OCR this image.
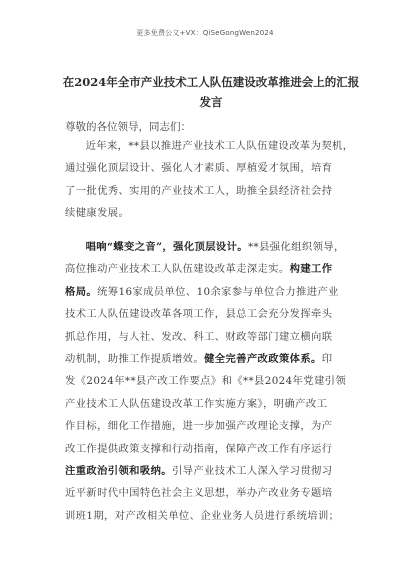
更多免费公文+VX：QiSeGongWen2024
在2024年全市产业技术工人队伍建设改革推进会上的汇报
发言
尊敬的各位领导，同志们：
近年来，**县以推进产业技术工人队伍建设改革为契机，
通过强化顶层设计、强化人才素质、厚植爱才氛围，培育
了一批优秀、实用的产业技术工人，助推全县经济社会持
续健康发展。
唱响“蝶变之音”，强化顶层设计。**县强化组织领导，
高位推动产业技术工人队伍建设改革走深走实。构建工作
格局。统筹16家成员单位、10余家参与单位合力推进产业
技术工人队伍建设改革各项工作，县总工会充分发挥牵头
抓总作用，与人社、发改、科工、财政等部门建立横向联
动机制，助推工作提质增效。健全完善产改政策体系。印
发《2024年**县产改工作要点》和《**县2024年党建引领
产业技术工人队伍建设改革工作实施方案》，明确产改工
作目标，细化工作措施，进一步加强产改理论支撑，为产
改工作提供政策支撑和行动指南，保障产改工作有序运行
注重政治引领和吸纳。引导产业技术工人深入学习贯彻习
近平新时代中国特色社会主义思想，举办产改业务专题培
训班1期，对产改相关单位、企业业务人员进行系统培训；
